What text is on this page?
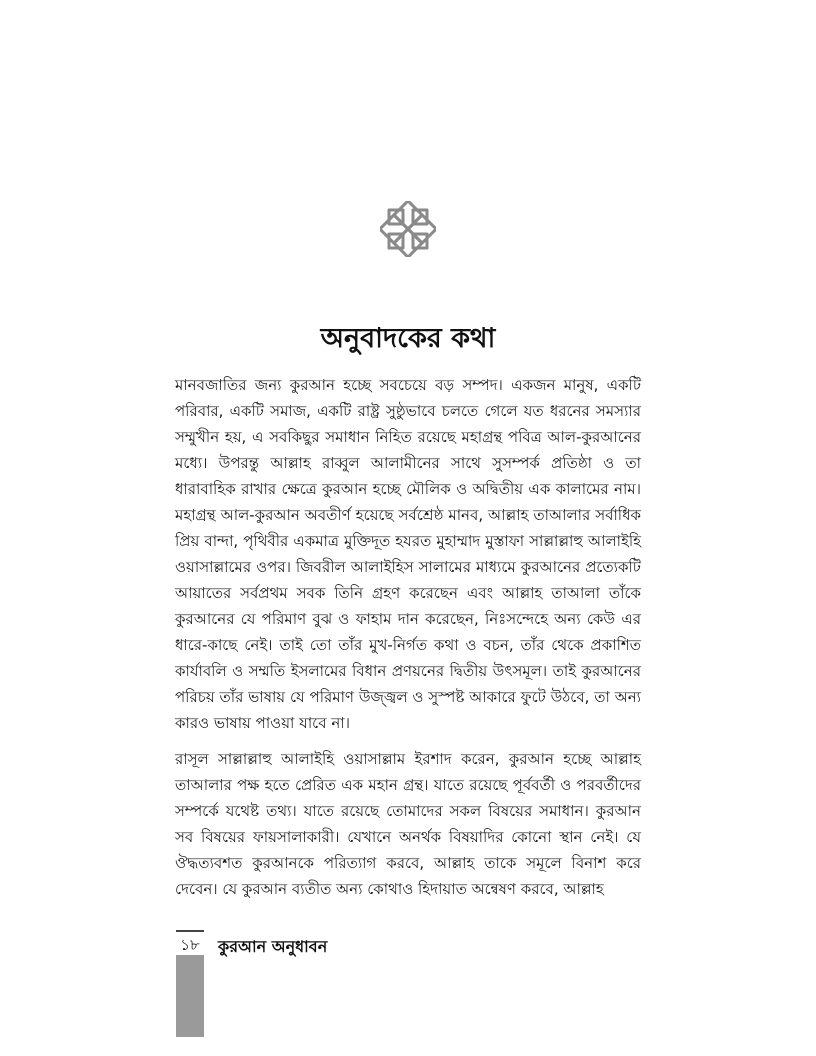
অনুবাদকের কথা

মানবজাতির জন্য কুরআন হচ্ছে সবচেয়ে বড় সম্পদ। একজন মানুষ, একটি পরিবার, একটি সমাজ, একটি রাষ্ট্র সুষ্ঠুভাবে চলতে গেলে যত ধরনের সমস্যার সম্মুখীন হয়, এ সবকিছুর সমাধান নিহিত রয়েছে মহাগ্রন্থ পবিত্র আল-কুরআনের মধ্যে। উপরন্তু আল্লাহ রাব্বুল আলামীনের সাথে সুসম্পর্ক প্রতিষ্ঠা ও তা ধারাবাহিক রাখার ক্ষেত্রে কুরআন হচ্ছে মৌলিক ও অদ্বিতীয় এক কালামের নাম। মহাগ্রন্থ আল-কুরআন অবতীর্ণ হয়েছে সর্বশ্রেষ্ঠ মানব, আল্লাহ তাআলার সর্বাধিক প্রিয় বান্দা, পৃথিবীর একমাত্র মুক্তিদূত হযরত মুহাম্মাদ মুস্তাফা সাল্লাল্লাহু আলাইহি ওয়াসাল্লামের ওপর। জিবরীল আলাইহিস সালামের মাধ্যমে কুরআনের প্রত্যেকটি আয়াতের সর্বপ্রথম সবক তিনি গ্রহণ করেছেন এবং আল্লাহ তাআলা তাঁকে কুরআনের যে পরিমাণ বুঝ ও ফাহাম দান করেছেন, নিঃসন্দেহে অন্য কেউ এর ধারে-কাছে নেই। তাই তো তাঁর মুখ-নির্গত কথা ও বচন, তাঁর থেকে প্রকাশিত কার্যাবলি ও সম্মতি ইসলামের বিধান প্রণয়নের দ্বিতীয় উৎসমূল। তাই কুরআনের পরিচয় তাঁর ভাষায় যে পরিমাণ উজ্জ্বল ও সুস্পষ্ট আকারে ফুটে উঠবে, তা অন্য কারও ভাষায় পাওয়া যাবে না।

রাসূল সাল্লাল্লাহু আলাইহি ওয়াসাল্লাম ইরশাদ করেন, কুরআন হচ্ছে আল্লাহ তাআলার পক্ষ হতে প্রেরিত এক মহান গ্রন্থ। যাতে রয়েছে পূর্ববর্তী ও পরবর্তীদের সম্পর্কে যথেষ্ট তথ্য। যাতে রয়েছে তোমাদের সকল বিষয়ের সমাধান। কুরআন সব বিষয়ের ফায়সালাকারী। যেখানে অনর্থক বিষয়াদির কোনো স্থান নেই। যে ঔদ্ধত্যবশত কুরআনকে পরিত্যাগ করবে, আল্লাহ তাকে সমূলে বিনাশ করে দেবেন। যে কুরআন ব্যতীত অন্য কোথাও হিদায়াত অন্বেষণ করবে, আল্লাহ

১৮ কুরআন অনুধাবন
